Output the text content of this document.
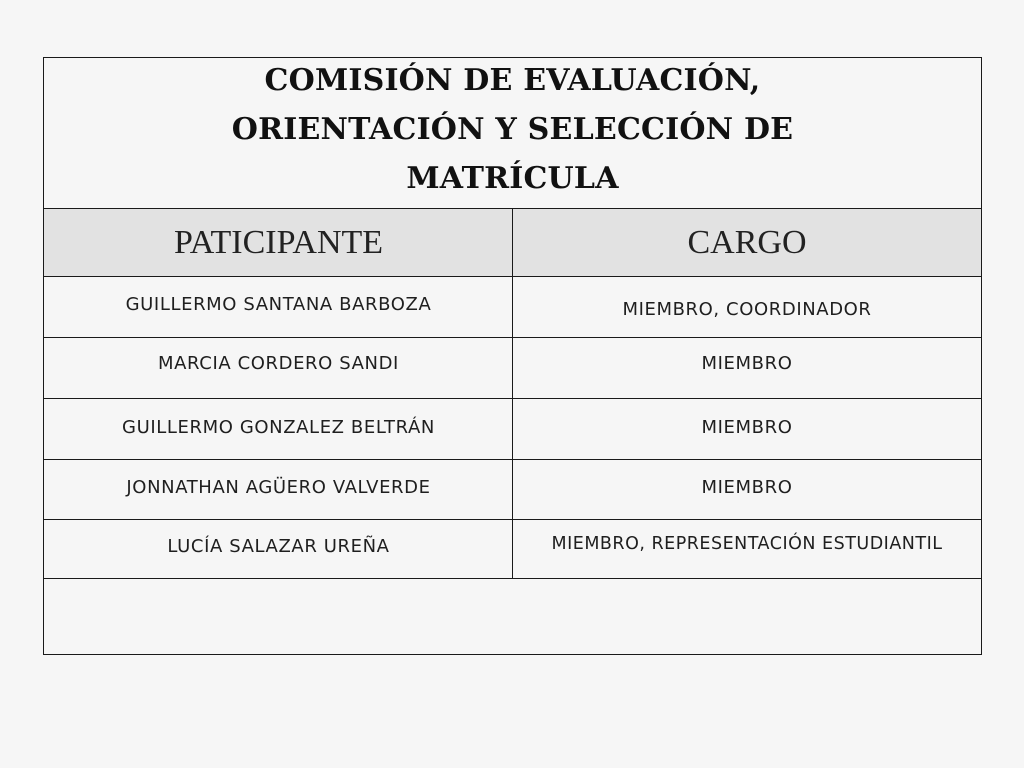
COMISIÓN DE EVALUACIÓN,
ORIENTACIÓN Y SELECCIÓN DE
MATRÍCULA
PATICIPANTE	CARGO
GUILLERMO SANTANA BARBOZA	MIEMBRO, COORDINADOR
MARCIA CORDERO SANDI	MIEMBRO
GUILLERMO GONZALEZ BELTRÁN	MIEMBRO
JONNATHAN AGÜERO VALVERDE	MIEMBRO
LUCÍA SALAZAR UREÑA	MIEMBRO, REPRESENTACIÓN ESTUDIANTIL
